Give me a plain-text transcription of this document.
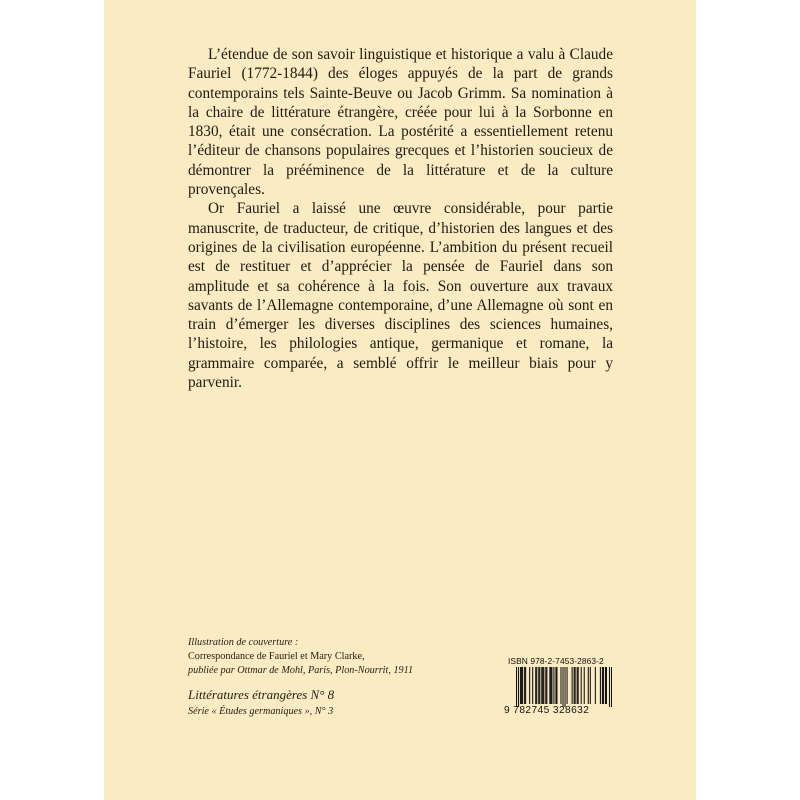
L’étendue de son savoir linguistique et historique a valu à Claude Fauriel (1772-1844) des éloges appuyés de la part de grands contemporains tels Sainte-Beuve ou Jacob Grimm. Sa nomination à la chaire de littérature étrangère, créée pour lui à la Sorbonne en 1830, était une consécration. La postérité a essentiellement retenu l’éditeur de chansons populaires grecques et l’historien soucieux de démontrer la prééminence de la littérature et de la culture provençales.

Or Fauriel a laissé une œuvre considérable, pour partie manuscrite, de traducteur, de critique, d’historien des langues et des origines de la civilisation européenne. L’ambition du présent recueil est de restituer et d’apprécier la pensée de Fauriel dans son amplitude et sa cohérence à la fois. Son ouverture aux travaux savants de l’Allemagne contemporaine, d’une Allemagne où sont en train d’émerger les diverses disciplines des sciences humaines, l’histoire, les philologies antique, germanique et romane, la grammaire comparée, a semblé offrir le meilleur biais pour y parvenir.

Illustration de couverture :
Correspondance de Fauriel et Mary Clarke,
publiée par Ottmar de Mohl, Paris, Plon-Nourrit, 1911
Littératures étrangères N° 8
Série « Études germaniques », N° 3
ISBN 978-2-7453-2863-2
9 782745 328632
